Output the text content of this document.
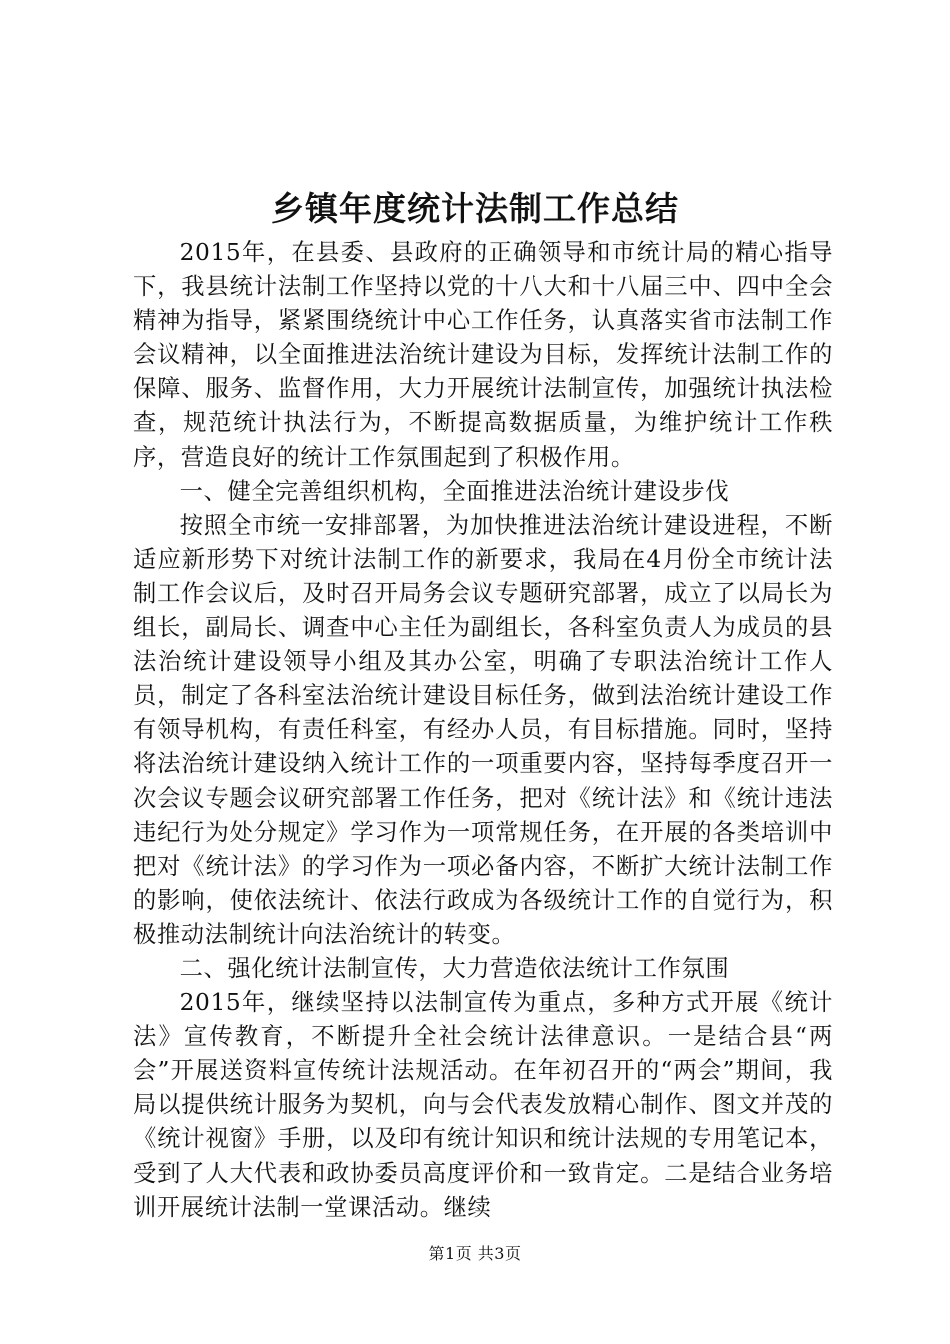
乡镇年度统计法制工作总结

2015年，在县委、县政府的正确领导和市统计局的精心指导下，我县统计法制工作坚持以党的十八大和十八届三中、四中全会精神为指导，紧紧围绕统计中心工作任务，认真落实省市法制工作会议精神，以全面推进法治统计建设为目标，发挥统计法制工作的保障、服务、监督作用，大力开展统计法制宣传，加强统计执法检查，规范统计执法行为，不断提高数据质量，为维护统计工作秩序，营造良好的统计工作氛围起到了积极作用。

一、健全完善组织机构，全面推进法治统计建设步伐

按照全市统一安排部署，为加快推进法治统计建设进程，不断适应新形势下对统计法制工作的新要求，我局在4月份全市统计法制工作会议后，及时召开局务会议专题研究部署，成立了以局长为组长，副局长、调查中心主任为副组长，各科室负责人为成员的县法治统计建设领导小组及其办公室，明确了专职法治统计工作人员，制定了各科室法治统计建设目标任务，做到法治统计建设工作有领导机构，有责任科室，有经办人员，有目标措施。同时，坚持将法治统计建设纳入统计工作的一项重要内容，坚持每季度召开一次会议专题会议研究部署工作任务，把对《统计法》和《统计违法违纪行为处分规定》学习作为一项常规任务，在开展的各类培训中把对《统计法》的学习作为一项必备内容，不断扩大统计法制工作的影响，使依法统计、依法行政成为各级统计工作的自觉行为，积极推动法制统计向法治统计的转变。

二、强化统计法制宣传，大力营造依法统计工作氛围

2015年，继续坚持以法制宣传为重点，多种方式开展《统计法》宣传教育，不断提升全社会统计法律意识。一是结合县“两会”开展送资料宣传统计法规活动。在年初召开的“两会”期间，我局以提供统计服务为契机，向与会代表发放精心制作、图文并茂的《统计视窗》手册，以及印有统计知识和统计法规的专用笔记本，受到了人大代表和政协委员高度评价和一致肯定。二是结合业务培训开展统计法制一堂课活动。继续

第1页 共3页
